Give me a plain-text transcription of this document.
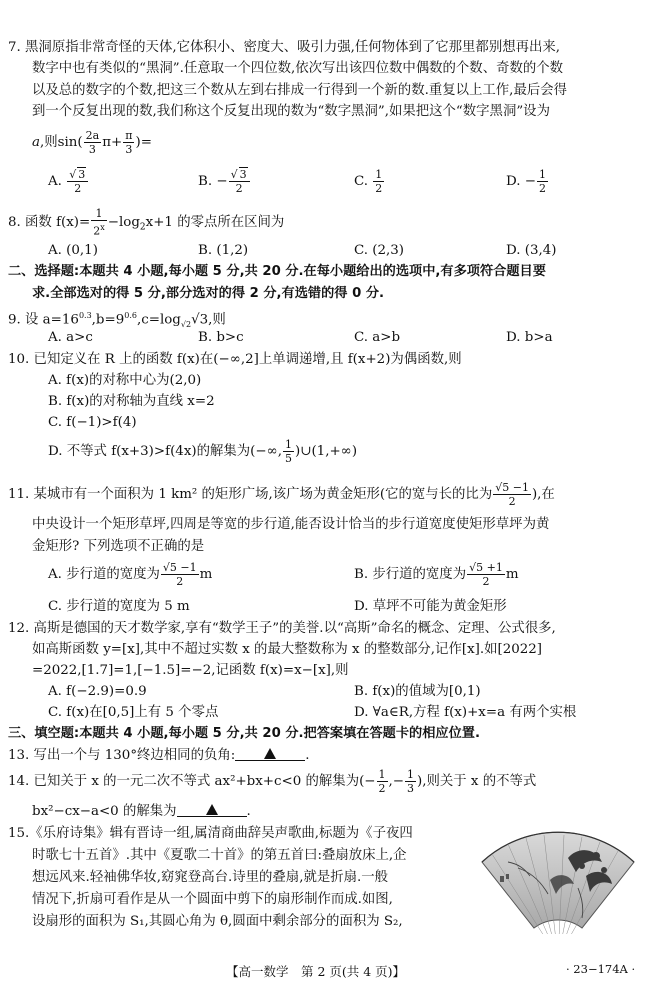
7. 黑洞原指非常奇怪的天体,它体积小、密度大、吸引力强,任何物体到了它那里都别想再出来,
数字中也有类似的“黑洞”.任意取一个四位数,依次写出该四位数中偶数的个数、奇数的个数
以及总的数字的个数,把这三个数从左到右排成一行得到一个新的数.重复以上工作,最后会得
到一个反复出现的数,我们称这个反复出现的数为“数字黑洞”,如果把这个“数字黑洞”设为
a,则$\sin( \frac{2a}{3} \pi+ \frac{\pi}{3}$ )=
A. $\frac{√ 3}{2}$	B. − $\frac{√ 3}{2}$	C. $\frac{1}{2}$	D. − $\frac{1}{2}$
8. 函数 $f(x)= \frac{1}{2^x} -\log_2x+1$ 的零点所在区间为
A. (0,1)	B. (1,2)	C. (2,3)	D. (3,4)
二、选择题:本题共 4 小题,每小题 5 分,共 20 分.在每小题给出的选项中,有多项符合题目要
求.全部选对的得 5 分,部分选对的得 2 分,有选错的得 0 分.
9. 设 $a=16^{0.3},b=9^{0.6},c=\log_{√2}√3$,则
A. a>c	B. b>c	C. a>b	D. b>a
10. 已知定义在 R 上的函数 f(x)在(−∞,2]上单调递增,且 f(x+2)为偶函数,则
A. f(x)的对称中心为(2,0)
B. f(x)的对称轴为直线 x=2
C. f(−1)>f(4)
D. 不等式 f(x+3)>f(4x)的解集为(−∞, $\frac{1}{5}$ )∪(1,+∞)
11. 某城市有一个面积为 1 km² 的矩形广场,该广场为黄金矩形(它的宽与长的比为 $\frac{√5 -1}{2}$ ),在
中央设计一个矩形草坪,四周是等宽的步行道,能否设计恰当的步行道宽度使矩形草坪为黄
金矩形? 下列选项不正确的是
A. 步行道的宽度为 $\frac{√5 -1}{2}$ m	B. 步行道的宽度为 $\frac{√5 +1}{2}$ m
C. 步行道的宽度为 5 m	D. 草坪不可能为黄金矩形
12. 高斯是德国的天才数学家,享有“数学王子”的美誉.以“高斯”命名的概念、定理、公式很多,
如高斯函数 y=[x],其中不超过实数 x 的最大整数称为 x 的整数部分,记作[x].如[2022]
=2022,[1.7]=1,[−1.5]=−2,记函数 f(x)=x−[x],则
A. f(−2.9)=0.9	B. f(x)的值域为[0,1)
C. f(x)在[0,5]上有 5 个零点	D. ∀a∈R,方程 f(x)+x=a 有两个实根
三、填空题:本题共 4 小题,每小题 5 分,共 20 分.把答案填在答题卡的相应位置.
13. 写出一个与 130°终边相同的负角:	.
14. 已知关于 x 的一元二次不等式 ax²+bx+c<0 的解集为(− $\frac{1}{2}$ ,− $\frac{1}{3}$ ),则关于 x 的不等式
bx²−cx−a<0 的解集为	.
15.《乐府诗集》辑有晋诗一组,属清商曲辞吴声歌曲,标题为《子夜四
时歌七十五首》.其中《夏歌二十首》的第五首曰:叠扇放床上,企
想远风来.轻袖佛华妆,窈窕登高台.诗里的叠扇,就是折扇.一般
情况下,折扇可看作是从一个圆面中剪下的扇形制作而成.如图,
设扇形的面积为 S₁,其圆心角为 θ,圆面中剩余部分的面积为 S₂,
【高一数学　第 2 页(共 4 页)】	· 23−174A ·
